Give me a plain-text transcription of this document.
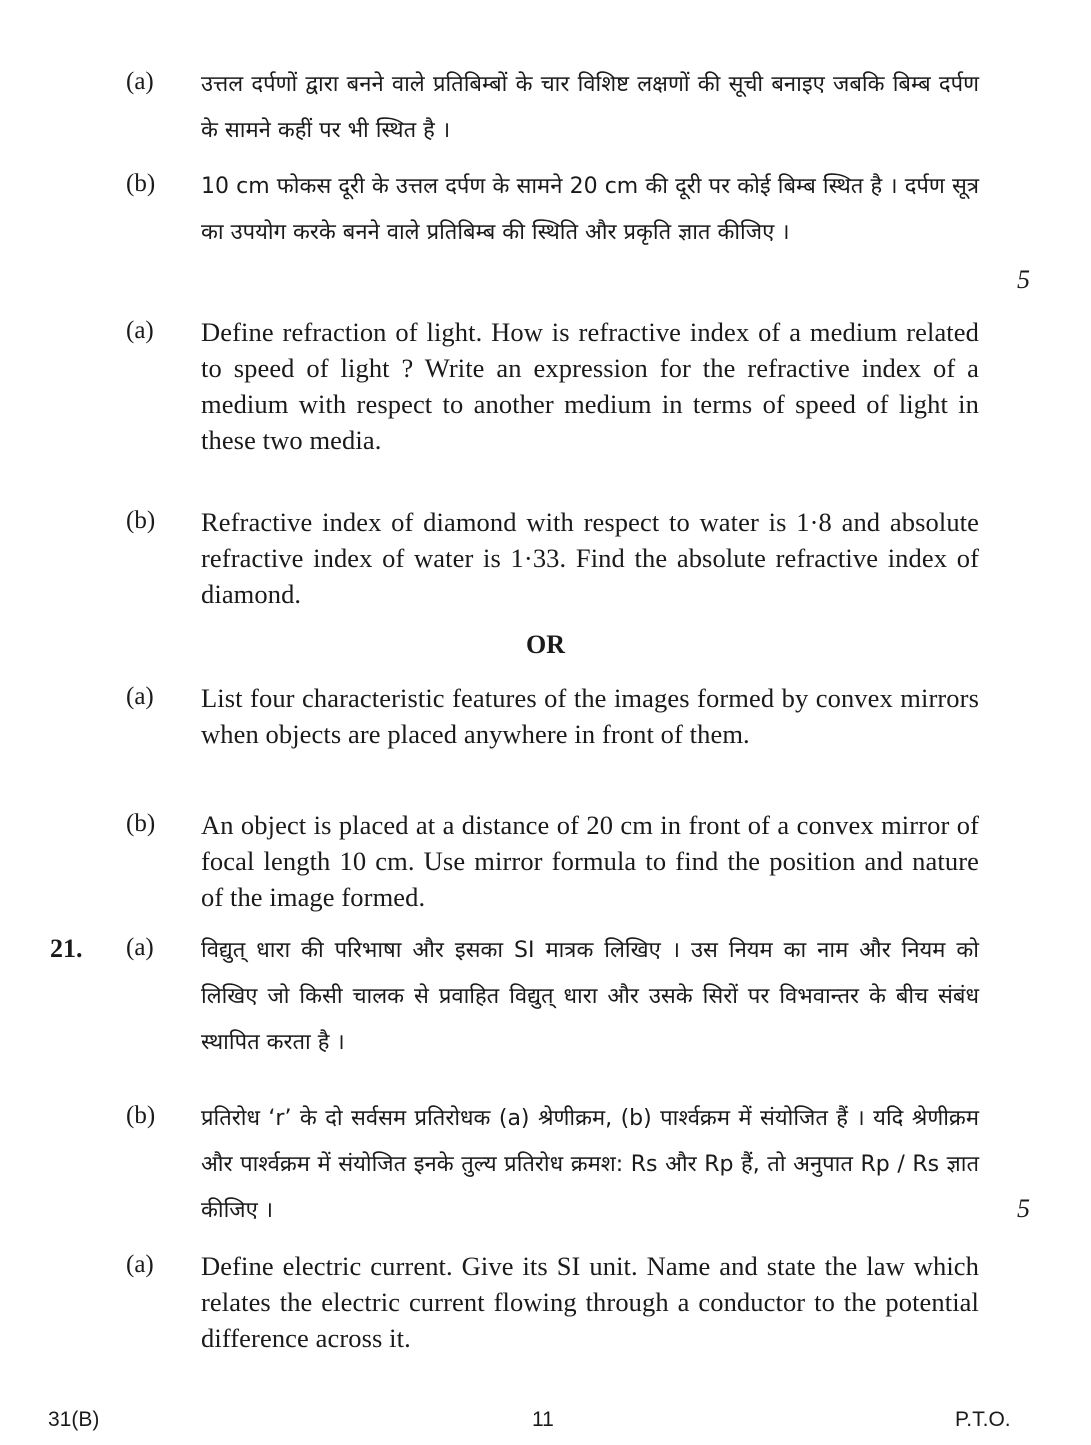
(a) उत्तल दर्पणों द्वारा बनने वाले प्रतिबिम्बों के चार विशिष्ट लक्षणों की सूची बनाइए जबकि बिम्ब दर्पण के सामने कहीं पर भी स्थित है ।
(b) 10 cm फोकस दूरी के उत्तल दर्पण के सामने 20 cm की दूरी पर कोई बिम्ब स्थित है । दर्पण सूत्र का उपयोग करके बनने वाले प्रतिबिम्ब की स्थिति और प्रकृति ज्ञात कीजिए ।
5
(a) Define refraction of light. How is refractive index of a medium related to speed of light ? Write an expression for the refractive index of a medium with respect to another medium in terms of speed of light in these two media.
(b) Refractive index of diamond with respect to water is 1·8 and absolute refractive index of water is 1·33. Find the absolute refractive index of diamond.
OR
(a) List four characteristic features of the images formed by convex mirrors when objects are placed anywhere in front of them.
(b) An object is placed at a distance of 20 cm in front of a convex mirror of focal length 10 cm. Use mirror formula to find the position and nature of the image formed.
21. (a) विद्युत् धारा की परिभाषा और इसका SI मात्रक लिखिए । उस नियम का नाम और नियम को लिखिए जो किसी चालक से प्रवाहित विद्युत् धारा और उसके सिरों पर विभवान्तर के बीच संबंध स्थापित करता है ।
(b) प्रतिरोध ‘r’ के दो सर्वसम प्रतिरोधक (a) श्रेणीक्रम, (b) पार्श्वक्रम में संयोजित हैं । यदि श्रेणीक्रम और पार्श्वक्रम में संयोजित इनके तुल्य प्रतिरोध क्रमश: Rs और Rp हैं, तो अनुपात Rp / Rs ज्ञात कीजिए ।	5
(a) Define electric current. Give its SI unit. Name and state the law which relates the electric current flowing through a conductor to the potential difference across it.
31(B)	11	P.T.O.
